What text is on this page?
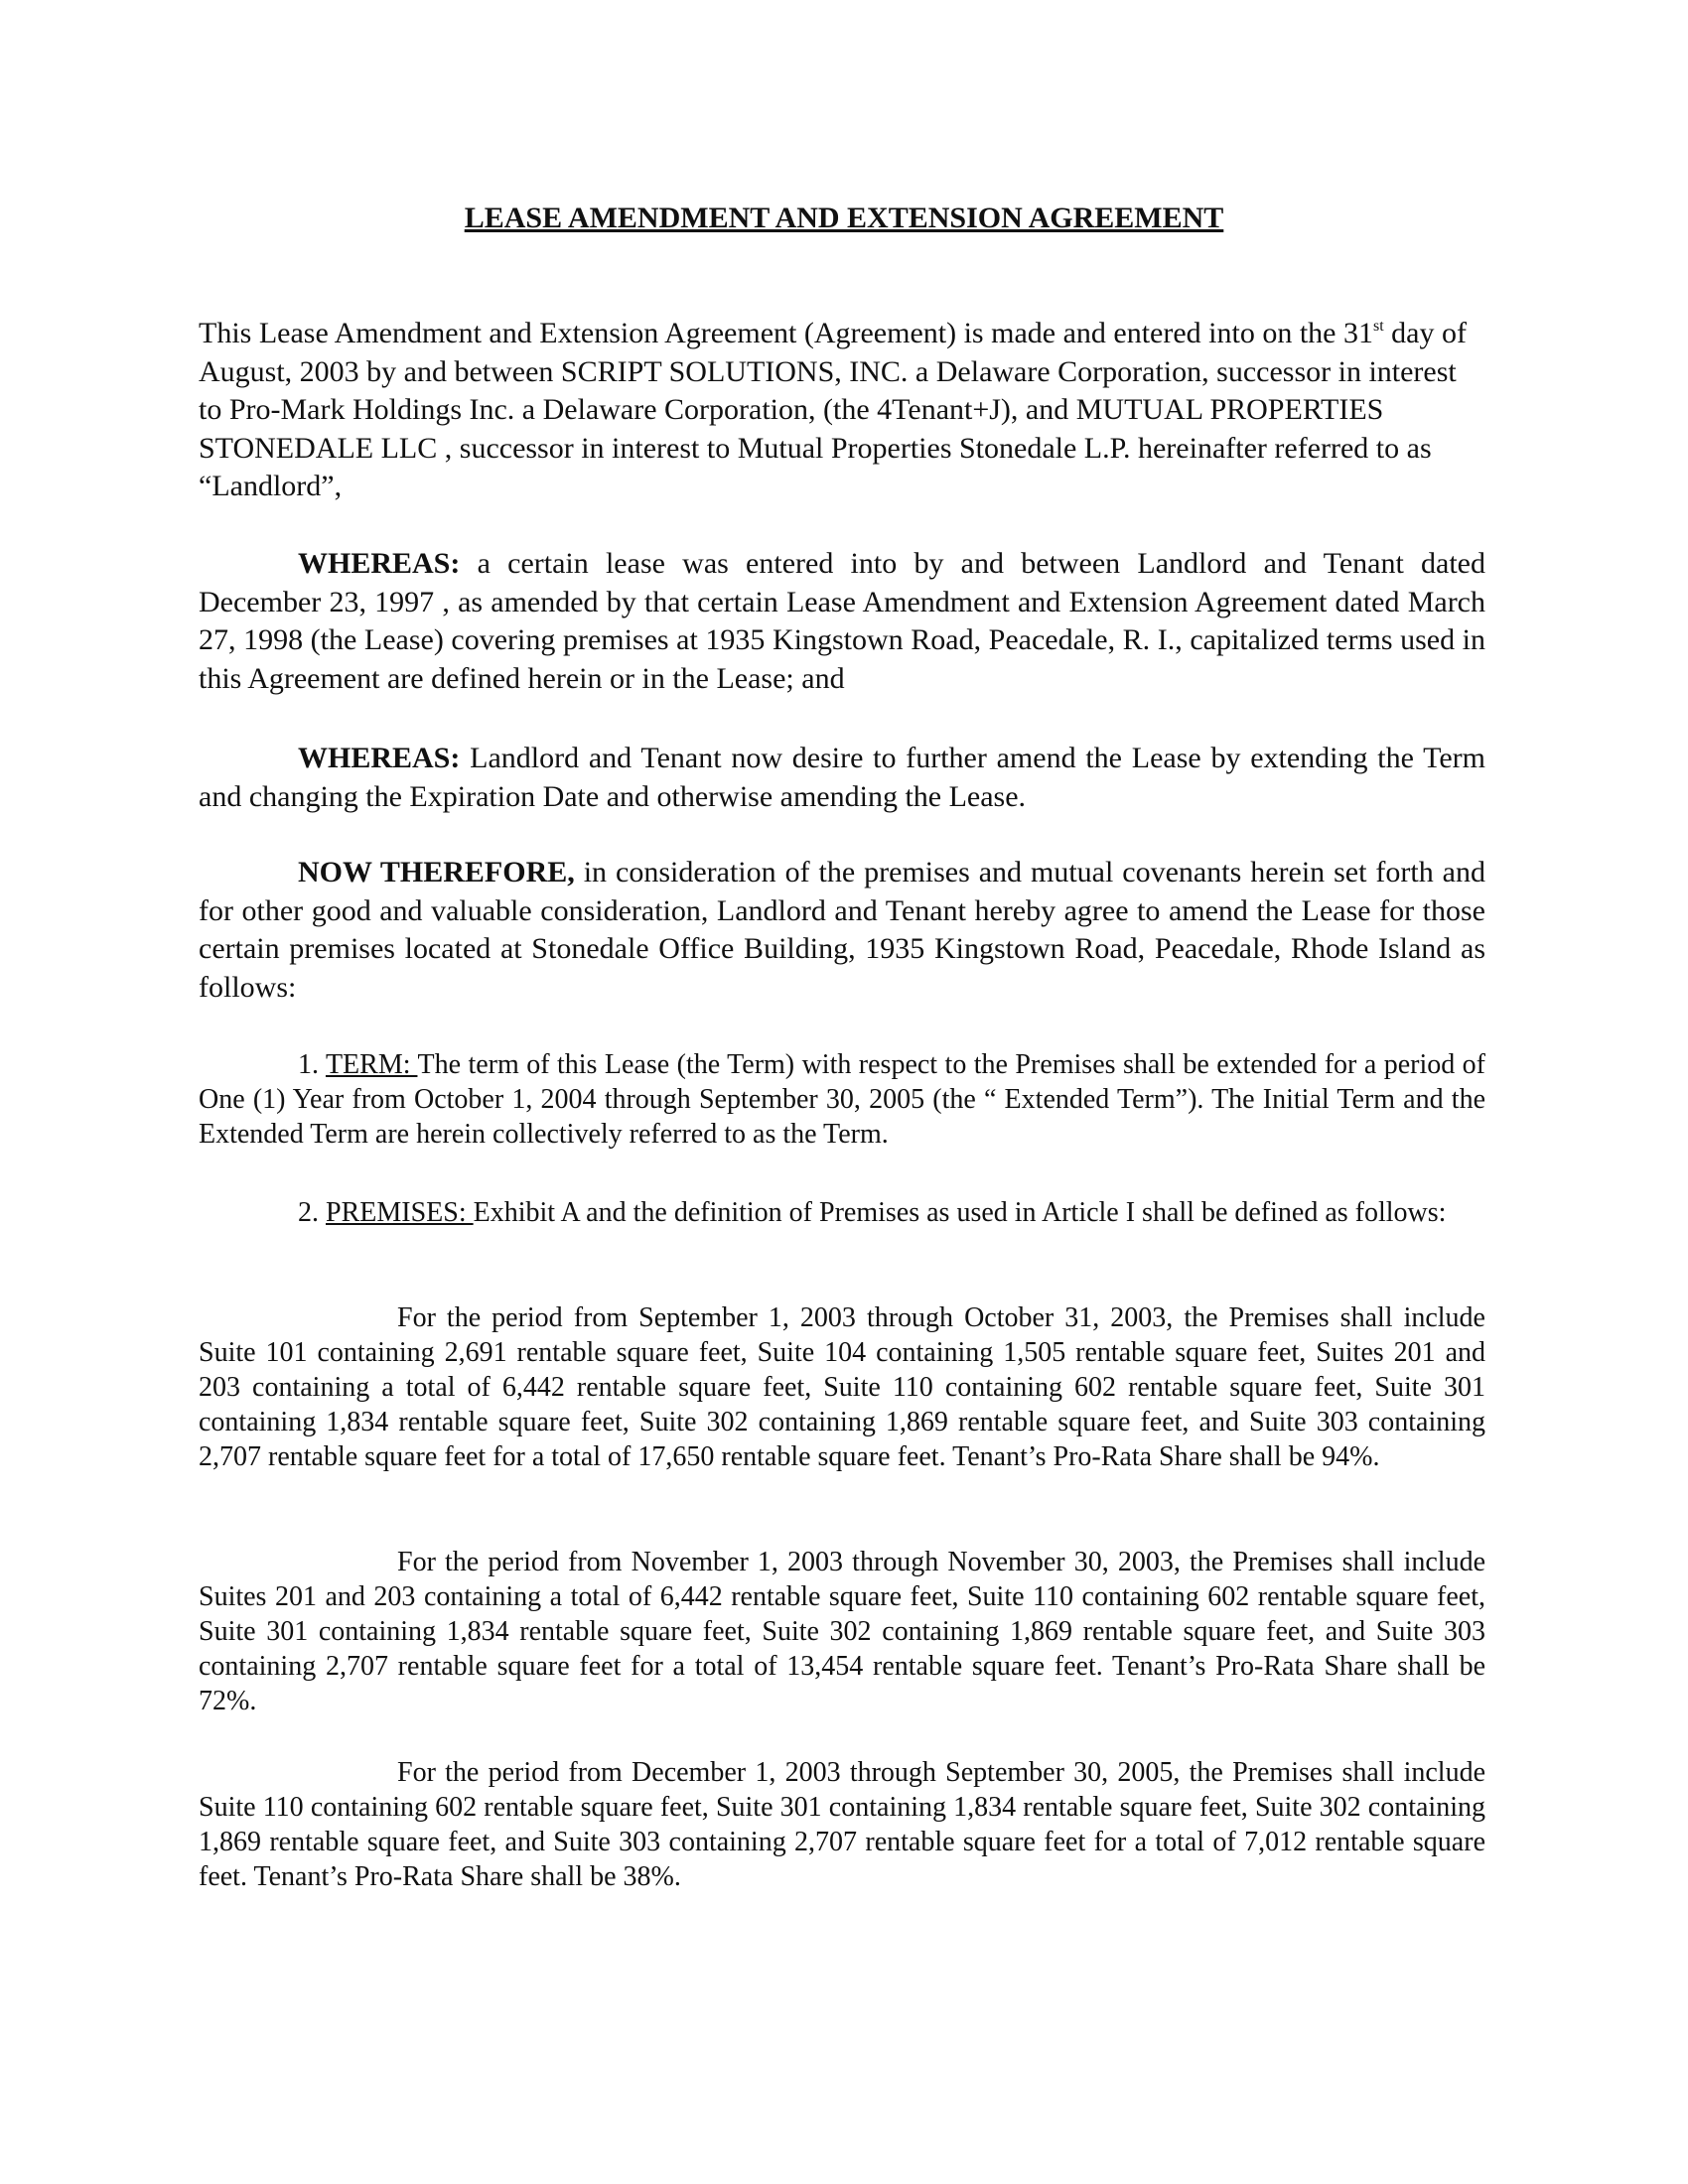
LEASE AMENDMENT AND EXTENSION AGREEMENT

This Lease Amendment and Extension Agreement (Agreement) is made and entered into on the 31st day of August, 2003 by and between SCRIPT SOLUTIONS, INC. a Delaware Corporation, successor in interest to Pro-Mark Holdings Inc. a Delaware Corporation, (the 4Tenant+J), and MUTUAL PROPERTIES STONEDALE LLC , successor in interest to Mutual Properties Stonedale L.P. hereinafter referred to as “Landlord”,

WHEREAS: a certain lease was entered into by and between Landlord and Tenant dated December 23, 1997 , as amended by that certain Lease Amendment and Extension Agreement dated March 27, 1998 (the Lease) covering premises at 1935 Kingstown Road, Peacedale, R. I., capitalized terms used in this Agreement are defined herein or in the Lease; and

WHEREAS: Landlord and Tenant now desire to further amend the Lease by extending the Term and changing the Expiration Date and otherwise amending the Lease.

NOW THEREFORE, in consideration of the premises and mutual covenants herein set forth and for other good and valuable consideration, Landlord and Tenant hereby agree to amend the Lease for those certain premises located at Stonedale Office Building, 1935 Kingstown Road, Peacedale, Rhode Island as follows:

1. TERM: The term of this Lease (the Term) with respect to the Premises shall be extended for a period of One (1) Year from October 1, 2004 through September 30, 2005 (the “ Extended Term”). The Initial Term and the Extended Term are herein collectively referred to as the Term.

2. PREMISES: Exhibit A and the definition of Premises as used in Article I shall be defined as follows:

For the period from September 1, 2003 through October 31, 2003, the Premises shall include Suite 101 containing 2,691 rentable square feet, Suite 104 containing 1,505 rentable square feet, Suites 201 and 203 containing a total of 6,442 rentable square feet, Suite 110 containing 602 rentable square feet, Suite 301 containing 1,834 rentable square feet, Suite 302 containing 1,869 rentable square feet, and Suite 303 containing 2,707 rentable square feet for a total of 17,650 rentable square feet. Tenant’s Pro-Rata Share shall be 94%.

For the period from November 1, 2003 through November 30, 2003, the Premises shall include Suites 201 and 203 containing a total of 6,442 rentable square feet, Suite 110 containing 602 rentable square feet, Suite 301 containing 1,834 rentable square feet, Suite 302 containing 1,869 rentable square feet, and Suite 303 containing 2,707 rentable square feet for a total of 13,454 rentable square feet. Tenant’s Pro-Rata Share shall be 72%.

For the period from December 1, 2003 through September 30, 2005, the Premises shall include Suite 110 containing 602 rentable square feet, Suite 301 containing 1,834 rentable square feet, Suite 302 containing 1,869 rentable square feet, and Suite 303 containing 2,707 rentable square feet for a total of 7,012 rentable square feet. Tenant’s Pro-Rata Share shall be 38%.
